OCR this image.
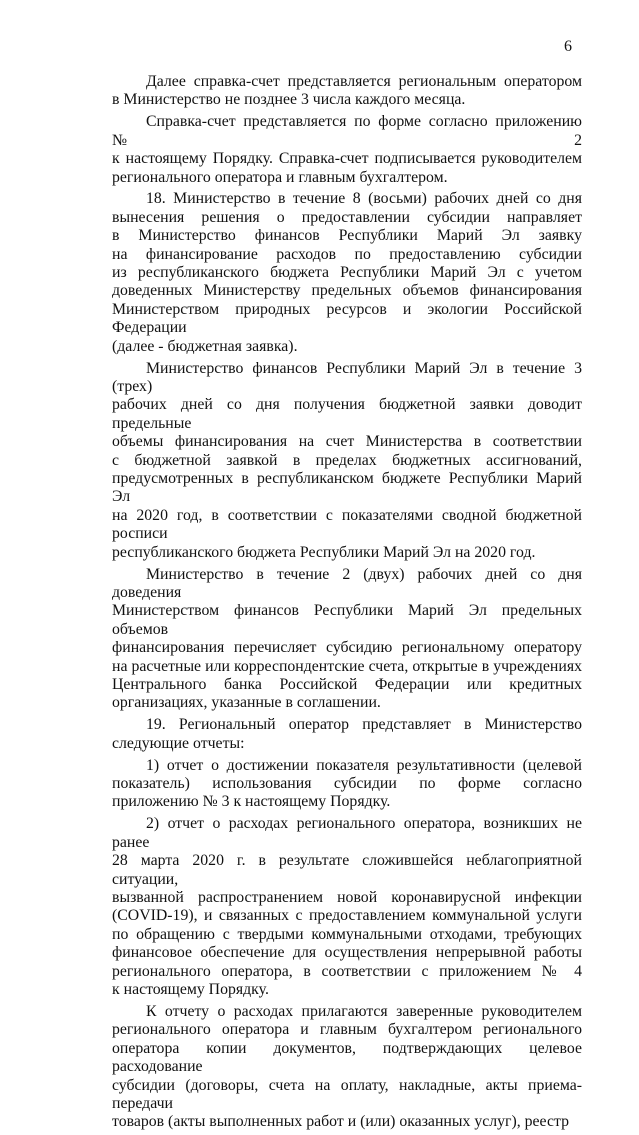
6
Далее справка-счет представляется региональным оператором
в Министерство не позднее 3 числа каждого месяца.
Справка-счет представляется по форме согласно приложению № 2
к настоящему Порядку. Справка-счет подписывается руководителем
регионального оператора и главным бухгалтером.
18. Министерство в течение 8 (восьми) рабочих дней со дня
вынесения решения о предоставлении субсидии направляет
в Министерство финансов Республики Марий Эл заявку
на финансирование расходов по предоставлению субсидии
из республиканского бюджета Республики Марий Эл с учетом
доведенных Министерству предельных объемов финансирования
Министерством природных ресурсов и экологии Российской Федерации
(далее - бюджетная заявка).
Министерство финансов Республики Марий Эл в течение 3 (трех)
рабочих дней со дня получения бюджетной заявки доводит предельные
объемы финансирования на счет Министерства в соответствии
с бюджетной заявкой в пределах бюджетных ассигнований,
предусмотренных в республиканском бюджете Республики Марий Эл
на 2020 год, в соответствии с показателями сводной бюджетной росписи
республиканского бюджета Республики Марий Эл на 2020 год.
Министерство в течение 2 (двух) рабочих дней со дня доведения
Министерством финансов Республики Марий Эл предельных объемов
финансирования перечисляет субсидию региональному оператору
на расчетные или корреспондентские счета, открытые в учреждениях
Центрального банка Российской Федерации или кредитных
организациях, указанные в соглашении.
19. Региональный оператор представляет в Министерство
следующие отчеты:
1) отчет о достижении показателя результативности (целевой
показатель) использования субсидии по форме согласно
приложению № 3 к настоящему Порядку.
2) отчет о расходах регионального оператора, возникших не ранее
28 марта 2020 г. в результате сложившейся неблагоприятной ситуации,
вызванной распространением новой коронавирусной инфекции
(COVID-19), и связанных с предоставлением коммунальной услуги
по обращению с твердыми коммунальными отходами, требующих
финансовое обеспечение для осуществления непрерывной работы
регионального оператора, в соответствии с приложением № 4
к настоящему Порядку.
К отчету о расходах прилагаются заверенные руководителем
регионального оператора и главным бухгалтером регионального
оператора копии документов, подтверждающих целевое расходование
субсидии (договоры, счета на оплату, накладные, акты приема-передачи
товаров (акты выполненных работ и (или) оказанных услуг), реестр
